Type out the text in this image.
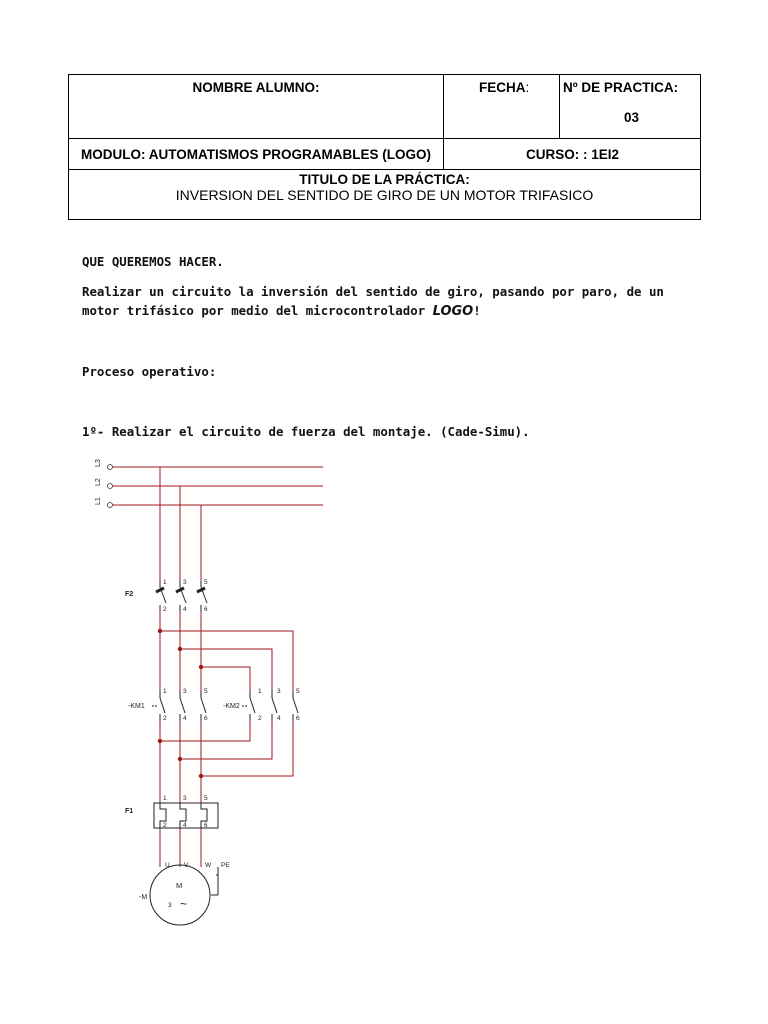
NOMBRE ALUMNO:	FECHA:	Nº DE PRACTICA:
03

MODULO: AUTOMATISMOS PROGRAMABLES (LOGO)	CURSO: : 1EI2	
TITULO DE LA PRÁCTICA:
INVERSION DEL SENTIDO DE GIRO DE UN MOTOR TRIFASICO		
QUE QUEREMOS HACER.
Realizar un circuito la inversión del sentido de giro, pasando por paro, de un
motor trifásico por medio del microcontrolador LOGO!
Proceso operativo:
1º- Realizar el circuito de fuerza del montaje. (Cade-Simu).
L3
L2
L1
F2
1	3	5
2	4	6
-KM1
1	3	5
2	4	6
-KM2
1 3 5
2 4 6
F1
1	3	5
2	4	6
U V	W PE
M
3 ~
-M
